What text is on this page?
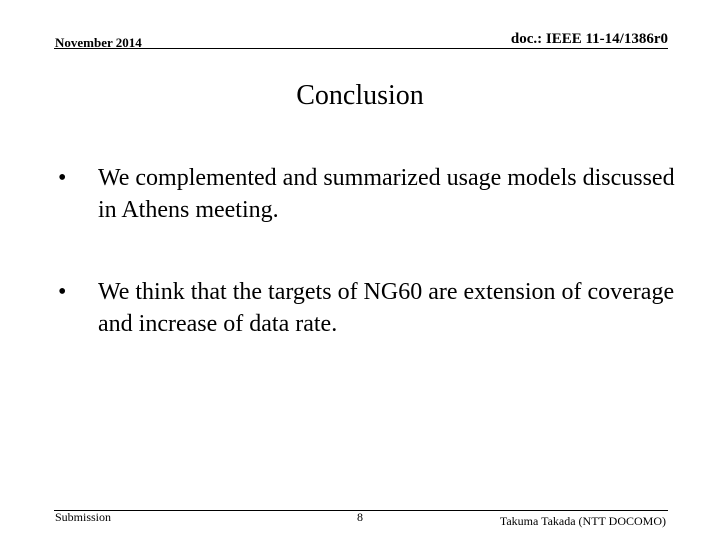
November 2014	doc.: IEEE 11-14/1386r0
Conclusion
•	We complemented and summarized usage models discussed in Athens meeting.
•	We think that the targets of NG60 are extension of coverage and increase of data rate.
Submission	8	Takuma Takada (NTT DOCOMO)
